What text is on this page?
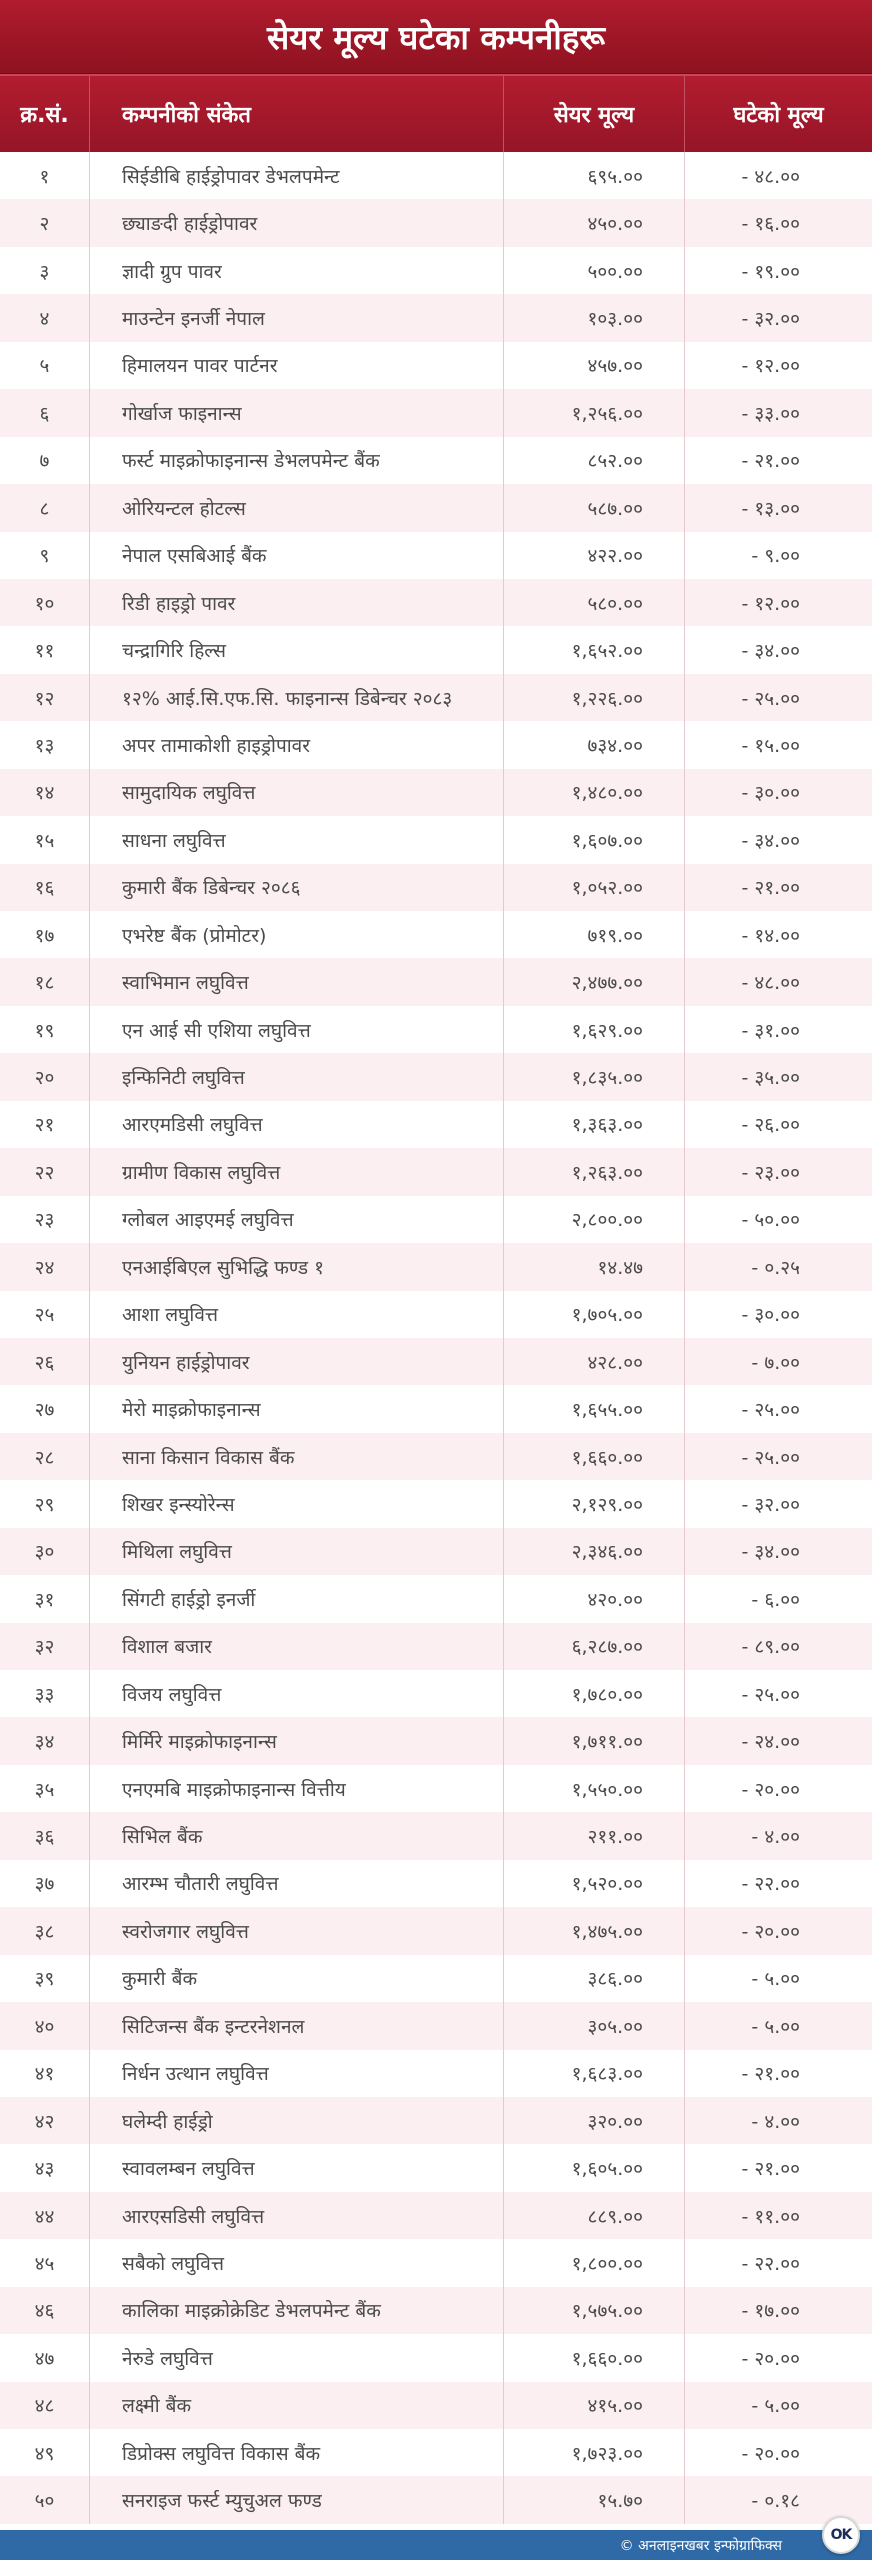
सेयर मूल्य घटेका कम्पनीहरू
क्र.सं.	कम्पनीको संकेत	सेयर मूल्य	घटेको मूल्य
१	सिईडीबि हाईड्रोपावर डेभलपमेन्ट	६९५.००	- ४८.००
२	छ्याङदी हाईड्रोपावर	४५०.००	- १६.००
३	ज्ञादी ग्रुप पावर	५००.००	- १९.००
४	माउन्टेन इनर्जी नेपाल	१०३.००	- ३२.००
५	हिमालयन पावर पार्टनर	४५७.००	- १२.००
६	गोर्खाज फाइनान्स	१,२५६.००	- ३३.००
७	फर्स्ट माइक्रोफाइनान्स डेभलपमेन्ट बैंक	८५२.००	- २१.००
८	ओरियन्टल होटल्स	५८७.००	- १३.००
९	नेपाल एसबिआई बैंक	४२२.००	- ९.००
१०	रिडी हाइड्रो पावर	५८०.००	- १२.००
११	चन्द्रागिरि हिल्स	१,६५२.००	- ३४.००
१२	१२% आई.सि.एफ.सि. फाइनान्स डिबेन्चर २०८३	१,२२६.००	- २५.००
१३	अपर तामाकोशी हाइड्रोपावर	७३४.००	- १५.००
१४	सामुदायिक लघुवित्त	१,४८०.००	- ३०.००
१५	साधना लघुवित्त	१,६०७.००	- ३४.००
१६	कुमारी बैंक डिबेन्चर २०८६	१,०५२.००	- २१.००
१७	एभरेष्ट बैंक (प्रोमोटर)	७१९.००	- १४.००
१८	स्वाभिमान लघुवित्त	२,४७७.००	- ४८.००
१९	एन आई सी एशिया लघुवित्त	१,६२९.००	- ३१.००
२०	इन्फिनिटी लघुवित्त	१,८३५.००	- ३५.००
२१	आरएमडिसी लघुवित्त	१,३६३.००	- २६.००
२२	ग्रामीण विकास लघुवित्त	१,२६३.००	- २३.००
२३	ग्लोबल आइएमई लघुवित्त	२,८००.००	- ५०.००
२४	एनआईबिएल सुभिद्धि फण्ड १	१४.४७	- ०.२५
२५	आशा लघुवित्त	१,७०५.००	- ३०.००
२६	युनियन हाईड्रोपावर	४२८.००	- ७.००
२७	मेरो माइक्रोफाइनान्स	१,६५५.००	- २५.००
२८	साना किसान विकास बैंक	१,६६०.००	- २५.००
२९	शिखर इन्स्योरेन्स	२,१२९.००	- ३२.००
३०	मिथिला लघुवित्त	२,३४६.००	- ३४.००
३१	सिंगटी हाईड्रो इनर्जी	४२०.००	- ६.००
३२	विशाल बजार	६,२८७.००	- ८९.००
३३	विजय लघुवित्त	१,७८०.००	- २५.००
३४	मिर्मिरे माइक्रोफाइनान्स	१,७११.००	- २४.००
३५	एनएमबि माइक्रोफाइनान्स वित्तीय	१,५५०.००	- २०.००
३६	सिभिल बैंक	२११.००	- ४.००
३७	आरम्भ चौतारी लघुवित्त	१,५२०.००	- २२.००
३८	स्वरोजगार लघुवित्त	१,४७५.००	- २०.००
३९	कुमारी बैंक	३८६.००	- ५.००
४०	सिटिजन्स बैंक इन्टरनेशनल	३०५.००	- ५.००
४१	निर्धन उत्थान लघुवित्त	१,६८३.००	- २१.००
४२	घलेम्दी हाईड्रो	३२०.००	- ४.००
४३	स्वावलम्बन लघुवित्त	१,६०५.००	- २१.००
४४	आरएसडिसी लघुवित्त	८८९.००	- ११.००
४५	सबैको लघुवित्त	१,८००.००	- २२.००
४६	कालिका माइक्रोक्रेडिट डेभलपमेन्ट बैंक	१,५७५.००	- १७.००
४७	नेरुडे लघुवित्त	१,६६०.००	- २०.००
४८	लक्ष्मी बैंक	४१५.००	- ५.००
४९	डिप्रोक्स लघुवित्त विकास बैंक	१,७२३.००	- २०.००
५०	सनराइज फर्स्ट म्युचुअल फण्ड	१५.७०	- ०.१८
© अनलाइनखबर इन्फोग्राफिक्स
OK
